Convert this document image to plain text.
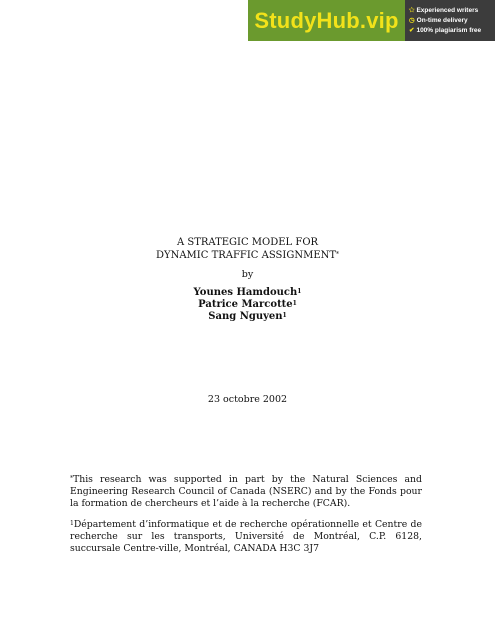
StudyHub.vip	✩ Experienced writers
◷ On-time delivery
✔ 100% plagiarism free
A STRATEGIC MODEL FOR
DYNAMIC TRAFFIC ASSIGNMENT*
by
Younes Hamdouch$^1$
Patrice Marcotte$^1$
Sang Nguyen$^1$
23 octobre 2002
*This research was supported in part by the Natural Sciences and Engineering Research Council of Canada (NSERC) and by the Fonds pour la formation de chercheurs et l’aide à la recherche (FCAR).
$^1$Département d’informatique et de recherche opérationnelle et Centre de recherche sur les transports, Université de Montréal, C.P. 6128, succursale Centre-ville, Montréal, CANADA H3C 3J7
